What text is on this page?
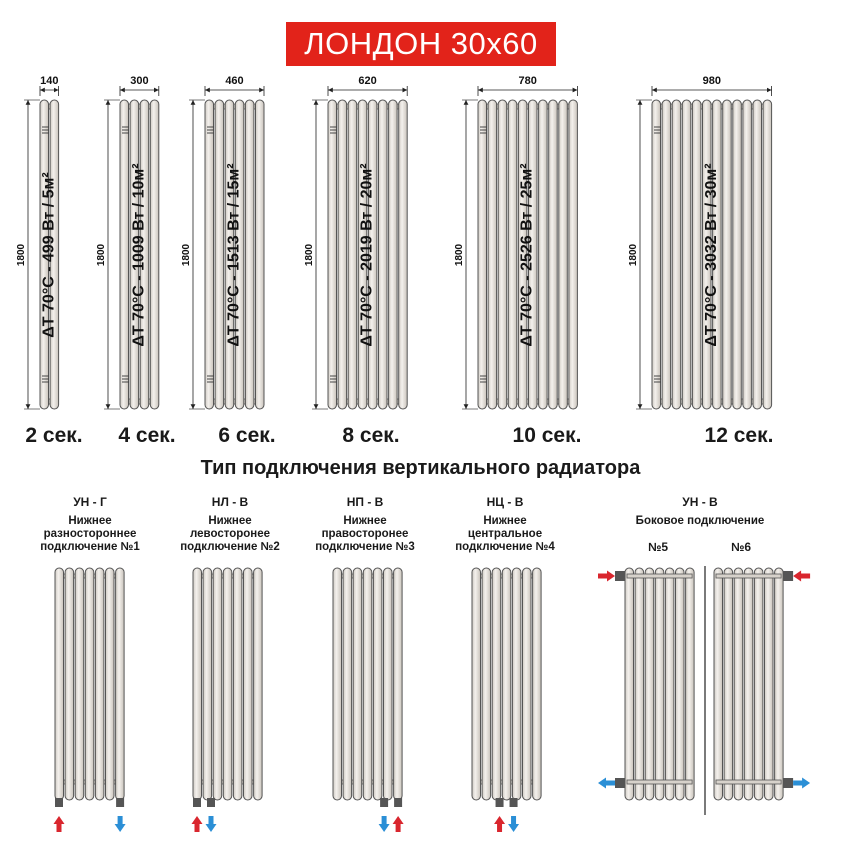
140
1800 ΔT 70°C - 499 Вт / 5м²
300
1800 ΔT 70°C - 1009 Вт / 10м²
460
1800 ΔT 70°C - 1513 Вт / 15м²
620
1800	ΔT 70°C - 2019 Вт / 20м²
780
1800	ΔT 70°C - 2526 Вт / 25м²
980
1800	ΔT 70°C - 3032 Вт / 30м²
ЛОНДОН 30х60
2 сек.	4 сек.	6 сек.	8 сек.	10 сек.	12 сек.
Тип подключения вертикального радиатора
УН - Г	НЛ - В	НП - В	НЦ - В	УН - В
Нижнее
разностороннее
подключение №1
Нижнее
левосторонее
подключение №2
Нижнее
правосторонее
подключение №3
Нижнее
центральное
подключение №4
Боковое подключение
№5	№6
